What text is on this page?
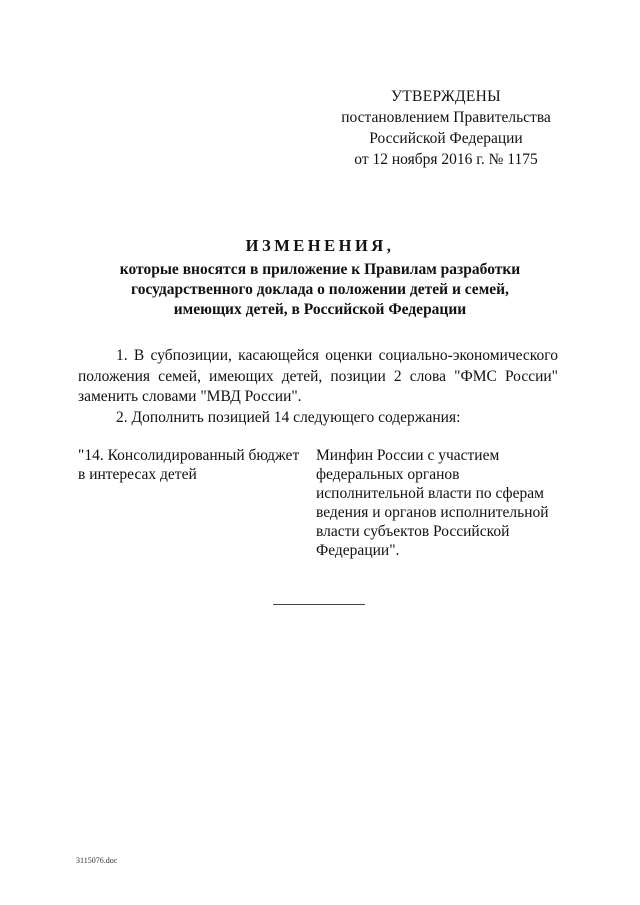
УТВЕРЖДЕНЫ
постановлением Правительства
Российской Федерации
от 12 ноября 2016 г. № 1175
ИЗМЕНЕНИЯ,
которые вносятся в приложение к Правилам разработки
государственного доклада о положении детей и семей,
имеющих детей, в Российской Федерации

1. В субпозиции, касающейся оценки социально-экономического положения семей, имеющих детей, позиции 2 слова "ФМС России" заменить словами "МВД России".

2. Дополнить позицией 14 следующего содержания:

"14. Консолидированный бюджет
в интересах детей
Минфин России с участием
федеральных органов
исполнительной власти по сферам
ведения и органов исполнительной
власти субъектов Российской
Федерации".
3115076.doc
